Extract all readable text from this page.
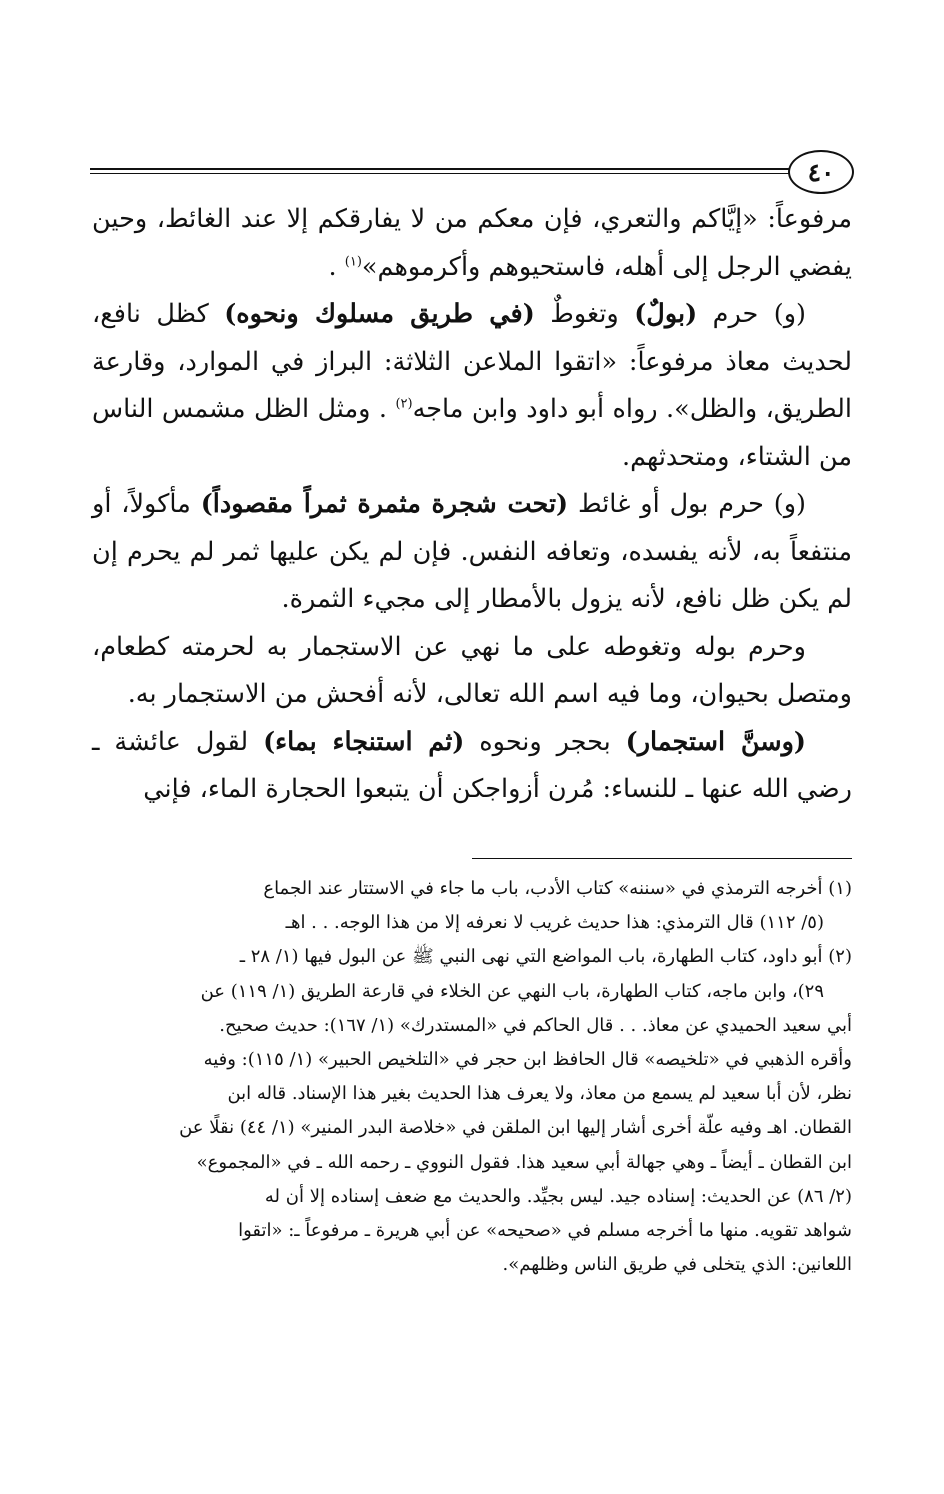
٤٠

مرفوعاً: «إيَّاكم والتعري، فإن معكم من لا يفارقكم إلا عند الغائط، وحين يفضي الرجل إلى أهله، فاستحيوهم وأكرموهم»$^{(١)}$ .

(و) حرم (بولٌ) وتغوطٌ (في طريق مسلوك ونحوه) كظل نافع، لحديث معاذ مرفوعاً: «اتقوا الملاعن الثلاثة: البراز في الموارد، وقارعة الطريق، والظل». رواه أبو داود وابن ماجه$^{(٢)}$ . ومثل الظل مشمس الناس من الشتاء، ومتحدثهم.

(و) حرم بول أو غائط (تحت شجرة مثمرة ثمراً مقصوداً) مأكولاً، أو منتفعاً به، لأنه يفسده، وتعافه النفس. فإن لم يكن عليها ثمر لم يحرم إن لم يكن ظل نافع، لأنه يزول بالأمطار إلى مجيء الثمرة.

وحرم بوله وتغوطه على ما نهي عن الاستجمار به لحرمته كطعام، ومتصل بحيوان، وما فيه اسم الله تعالى، لأنه أفحش من الاستجمار به.

(وسنَّ استجمار) بحجر ونحوه (ثم استنجاء بماء) لقول عائشة ـ رضي الله عنها ـ للنساء: مُرن أزواجكن أن يتبعوا الحجارة الماء، فإني

(١) أخرجه الترمذي في «سننه» كتاب الأدب، باب ما جاء في الاستتار عند الجماع

(٥/ ١١٢) قال الترمذي: هذا حديث غريب لا نعرفه إلا من هذا الوجه. . . اهـ

(٢) أبو داود، كتاب الطهارة، باب المواضع التي نهى النبي ﷺ عن البول فيها (١/ ٢٨ ـ

٢٩)، وابن ماجه، كتاب الطهارة، باب النهي عن الخلاء في قارعة الطريق (١/ ١١٩) عن

أبي سعيد الحميدي عن معاذ. . . قال الحاكم في «المستدرك» (١/ ١٦٧): حديث صحيح.

وأقره الذهبي في «تلخيصه» قال الحافظ ابن حجر في «التلخيص الحبير» (١/ ١١٥): وفيه

نظر، لأن أبا سعيد لم يسمع من معاذ، ولا يعرف هذا الحديث بغير هذا الإسناد. قاله ابن

القطان. اهـ وفيه علّة أخرى أشار إليها ابن الملقن في «خلاصة البدر المنير» (١/ ٤٤) نقلًا عن

ابن القطان ـ أيضاً ـ وهي جهالة أبي سعيد هذا. فقول النووي ـ رحمه الله ـ في «المجموع»

(٢/ ٨٦) عن الحديث: إسناده جيد. ليس بجيِّد. والحديث مع ضعف إسناده إلا أن له

شواهد تقويه. منها ما أخرجه مسلم في «صحيحه» عن أبي هريرة ـ مرفوعاً ـ: «اتقوا

اللعانين: الذي يتخلى في طريق الناس وظلهم».
